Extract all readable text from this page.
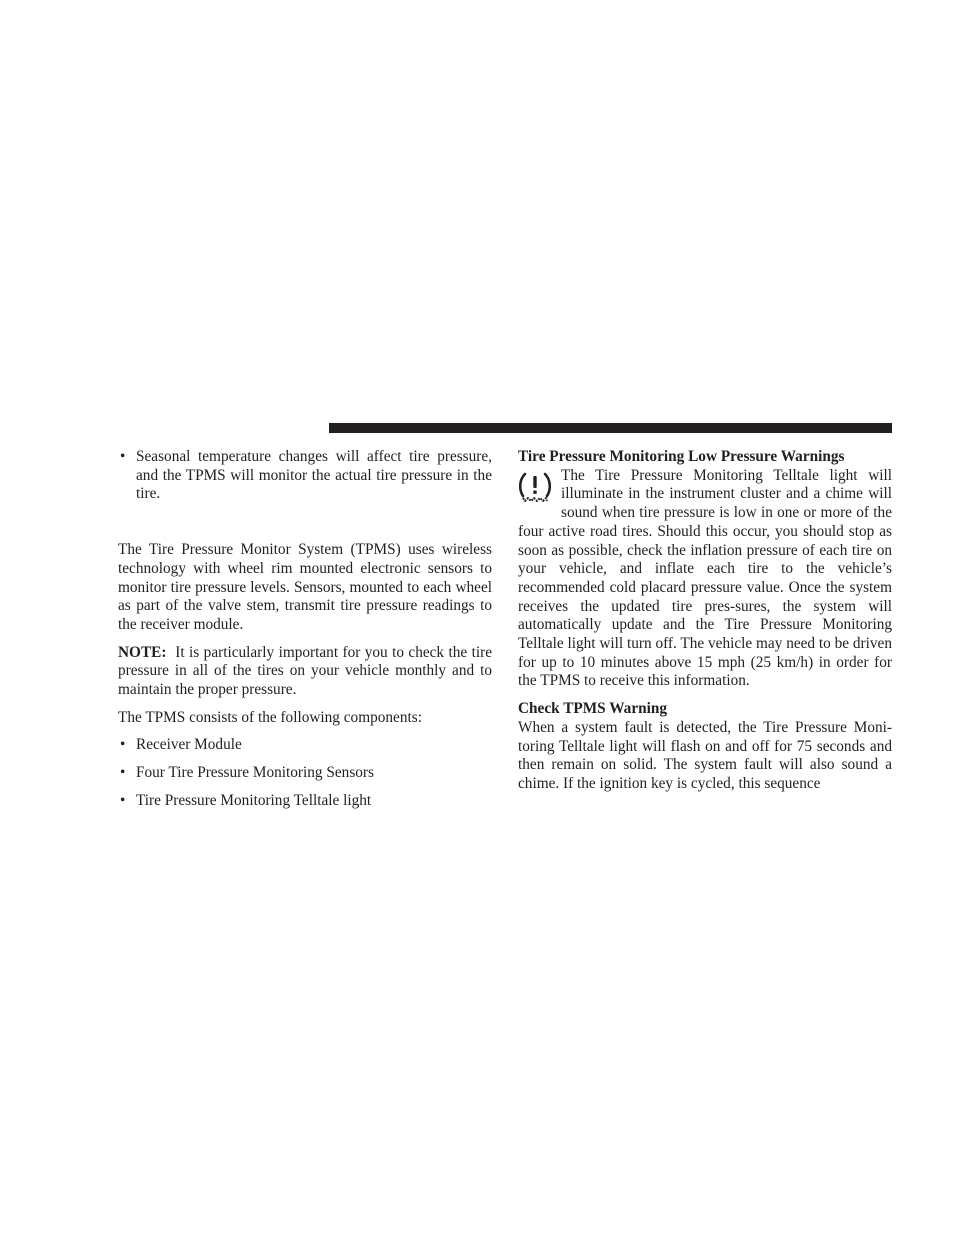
• Seasonal temperature changes will affect tire pressure, and the TPMS will monitor the actual tire pressure in the tire.

The Tire Pressure Monitor System (TPMS) uses wireless technology with wheel rim mounted electronic sensors to monitor tire pressure levels. Sensors, mounted to each wheel as part of the valve stem, transmit tire pressure readings to the receiver module.

NOTE: It is particularly important for you to check the tire pressure in all of the tires on your vehicle monthly and to maintain the proper pressure.

The TPMS consists of the following components:

• Receiver Module
• Four Tire Pressure Monitoring Sensors
• Tire Pressure Monitoring Telltale light
Tire Pressure Monitoring Low Pressure Warnings

The Tire Pressure Monitoring Telltale light will illuminate in the instrument cluster and a chime will sound when tire pressure is low in one or more of the four active road tires. Should this occur, you should stop as soon as possible, check the inflation pressure of each tire on your vehicle, and inflate each tire to the vehicle’s recommended cold placard pressure value. Once the system receives the updated tire pres-sures, the system will automatically update and the Tire Pressure Monitoring Telltale light will turn off. The vehicle may need to be driven for up to 10 minutes above 15 mph (25 km/h) in order for the TPMS to receive this information.

Check TPMS Warning

When a system fault is detected, the Tire Pressure Moni-toring Telltale light will flash on and off for 75 seconds and then remain on solid. The system fault will also sound a chime. If the ignition key is cycled, this sequence
